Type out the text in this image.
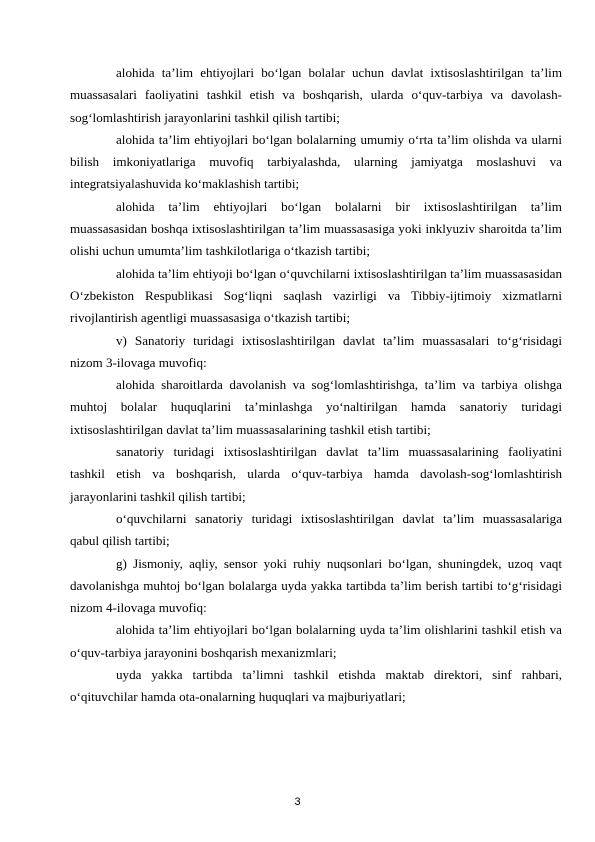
alohida ta’lim ehtiyojlari bo‘lgan bolalar uchun davlat ixtisoslashtirilgan ta’lim muassasalari faoliyatini tashkil etish va boshqarish, ularda o‘quv-tarbiya va davolash-sog‘lomlashtirish jarayonlarini tashkil qilish tartibi;

alohida ta’lim ehtiyojlari bo‘lgan bolalarning umumiy o‘rta ta’lim olishda va ularni bilish imkoniyatlariga muvofiq tarbiyalashda, ularning jamiyatga moslashuvi va integratsiyalashuvida ko‘maklashish tartibi;

alohida ta’lim ehtiyojlari bo‘lgan bolalarni bir ixtisoslashtirilgan ta’lim muassasasidan boshqa ixtisoslashtirilgan ta’lim muassasasiga yoki inklyuziv sharoitda ta’lim olishi uchun umumta’lim tashkilotlariga o‘tkazish tartibi;

alohida ta’lim ehtiyoji bo‘lgan o‘quvchilarni ixtisoslashtirilgan ta’lim muassasasidan O‘zbekiston Respublikasi Sog‘liqni saqlash vazirligi va Tibbiy-ijtimoiy xizmatlarni rivojlantirish agentligi muassasasiga o‘tkazish tartibi;

v) Sanatoriy turidagi ixtisoslashtirilgan davlat ta’lim muassasalari to‘g‘risidagi nizom 3-ilovaga muvofiq:

alohida sharoitlarda davolanish va sog‘lomlashtirishga, ta’lim va tarbiya olishga muhtoj bolalar huquqlarini ta’minlashga yo‘naltirilgan hamda sanatoriy turidagi ixtisoslashtirilgan davlat ta’lim muassasalarining tashkil etish tartibi;

sanatoriy turidagi ixtisoslashtirilgan davlat ta’lim muassasalarining faoliyatini tashkil etish va boshqarish, ularda o‘quv-tarbiya hamda davolash-sog‘lomlashtirish jarayonlarini tashkil qilish tartibi;

o‘quvchilarni sanatoriy turidagi ixtisoslashtirilgan davlat ta’lim muassasalariga qabul qilish tartibi;

g) Jismoniy, aqliy, sensor yoki ruhiy nuqsonlari bo‘lgan, shuningdek, uzoq vaqt davolanishga muhtoj bo‘lgan bolalarga uyda yakka tartibda ta’lim berish tartibi to‘g‘risidagi nizom 4-ilovaga muvofiq:

alohida ta’lim ehtiyojlari bo‘lgan bolalarning uyda ta’lim olishlarini tashkil etish va o‘quv-tarbiya jarayonini boshqarish mexanizmlari;

uyda yakka tartibda ta’limni tashkil etishda maktab direktori, sinf rahbari, o‘qituvchilar hamda ota-onalarning huquqlari va majburiyatlari;

3
